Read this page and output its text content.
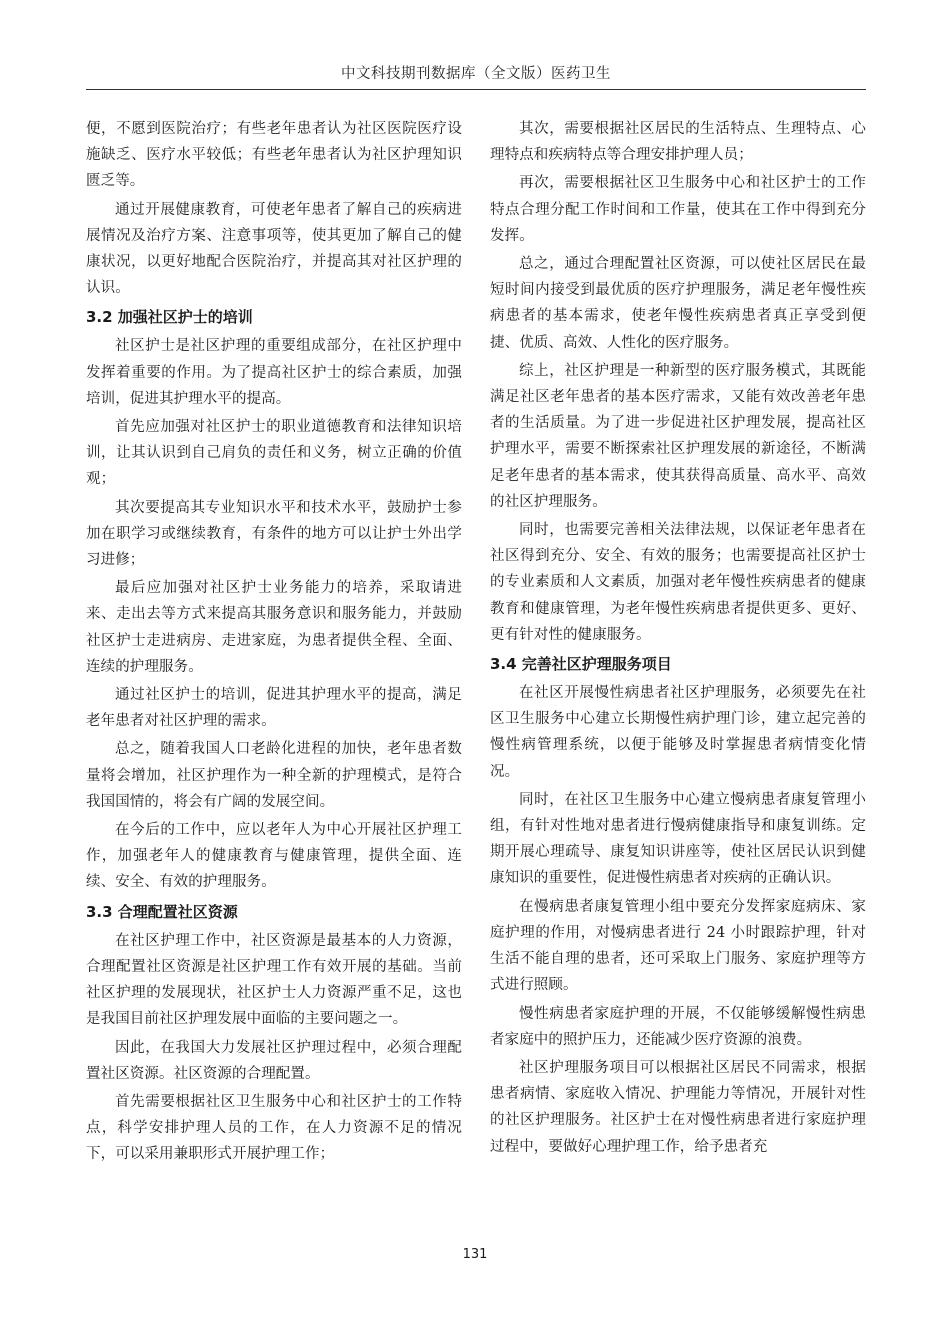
中文科技期刊数据库（全文版）医药卫生

便，不愿到医院治疗；有些老年患者认为社区医院医疗设施缺乏、医疗水平较低；有些老年患者认为社区护理知识匮乏等。

通过开展健康教育，可使老年患者了解自己的疾病进展情况及治疗方案、注意事项等，使其更加了解自己的健康状况，以更好地配合医院治疗，并提高其对社区护理的认识。

3.2 加强社区护士的培训

社区护士是社区护理的重要组成部分，在社区护理中发挥着重要的作用。为了提高社区护士的综合素质，加强培训，促进其护理水平的提高。

首先应加强对社区护士的职业道德教育和法律知识培训，让其认识到自己肩负的责任和义务，树立正确的价值观；

其次要提高其专业知识水平和技术水平，鼓励护士参加在职学习或继续教育，有条件的地方可以让护士外出学习进修；

最后应加强对社区护士业务能力的培养，采取请进来、走出去等方式来提高其服务意识和服务能力，并鼓励社区护士走进病房、走进家庭，为患者提供全程、全面、连续的护理服务。

通过社区护士的培训，促进其护理水平的提高，满足老年患者对社区护理的需求。

总之，随着我国人口老龄化进程的加快，老年患者数量将会增加，社区护理作为一种全新的护理模式，是符合我国国情的，将会有广阔的发展空间。

在今后的工作中，应以老年人为中心开展社区护理工作，加强老年人的健康教育与健康管理，提供全面、连续、安全、有效的护理服务。

3.3 合理配置社区资源

在社区护理工作中，社区资源是最基本的人力资源，合理配置社区资源是社区护理工作有效开展的基础。当前社区护理的发展现状，社区护士人力资源严重不足，这也是我国目前社区护理发展中面临的主要问题之一。

因此，在我国大力发展社区护理过程中，必须合理配置社区资源。社区资源的合理配置。

首先需要根据社区卫生服务中心和社区护士的工作特点，科学安排护理人员的工作，在人力资源不足的情况下，可以采用兼职形式开展护理工作；

其次，需要根据社区居民的生活特点、生理特点、心理特点和疾病特点等合理安排护理人员；

再次，需要根据社区卫生服务中心和社区护士的工作特点合理分配工作时间和工作量，使其在工作中得到充分发挥。

总之，通过合理配置社区资源，可以使社区居民在最短时间内接受到最优质的医疗护理服务，满足老年慢性疾病患者的基本需求，使老年慢性疾病患者真正享受到便捷、优质、高效、人性化的医疗服务。

综上，社区护理是一种新型的医疗服务模式，其既能满足社区老年患者的基本医疗需求，又能有效改善老年患者的生活质量。为了进一步促进社区护理发展，提高社区护理水平，需要不断探索社区护理发展的新途径，不断满足老年患者的基本需求，使其获得高质量、高水平、高效的社区护理服务。

同时，也需要完善相关法律法规，以保证老年患者在社区得到充分、安全、有效的服务；也需要提高社区护士的专业素质和人文素质，加强对老年慢性疾病患者的健康教育和健康管理，为老年慢性疾病患者提供更多、更好、更有针对性的健康服务。

3.4 完善社区护理服务项目

在社区开展慢性病患者社区护理服务，必须要先在社区卫生服务中心建立长期慢性病护理门诊，建立起完善的慢性病管理系统，以便于能够及时掌握患者病情变化情况。

同时，在社区卫生服务中心建立慢病患者康复管理小组，有针对性地对患者进行慢病健康指导和康复训练。定期开展心理疏导、康复知识讲座等，使社区居民认识到健康知识的重要性，促进慢性病患者对疾病的正确认识。

在慢病患者康复管理小组中要充分发挥家庭病床、家庭护理的作用，对慢病患者进行 24 小时跟踪护理，针对生活不能自理的患者，还可采取上门服务、家庭护理等方式进行照顾。

慢性病患者家庭护理的开展，不仅能够缓解慢性病患者家庭中的照护压力，还能减少医疗资源的浪费。

社区护理服务项目可以根据社区居民不同需求，根据患者病情、家庭收入情况、护理能力等情况，开展针对性的社区护理服务。社区护士在对慢性病患者进行家庭护理过程中，要做好心理护理工作，给予患者充

131
